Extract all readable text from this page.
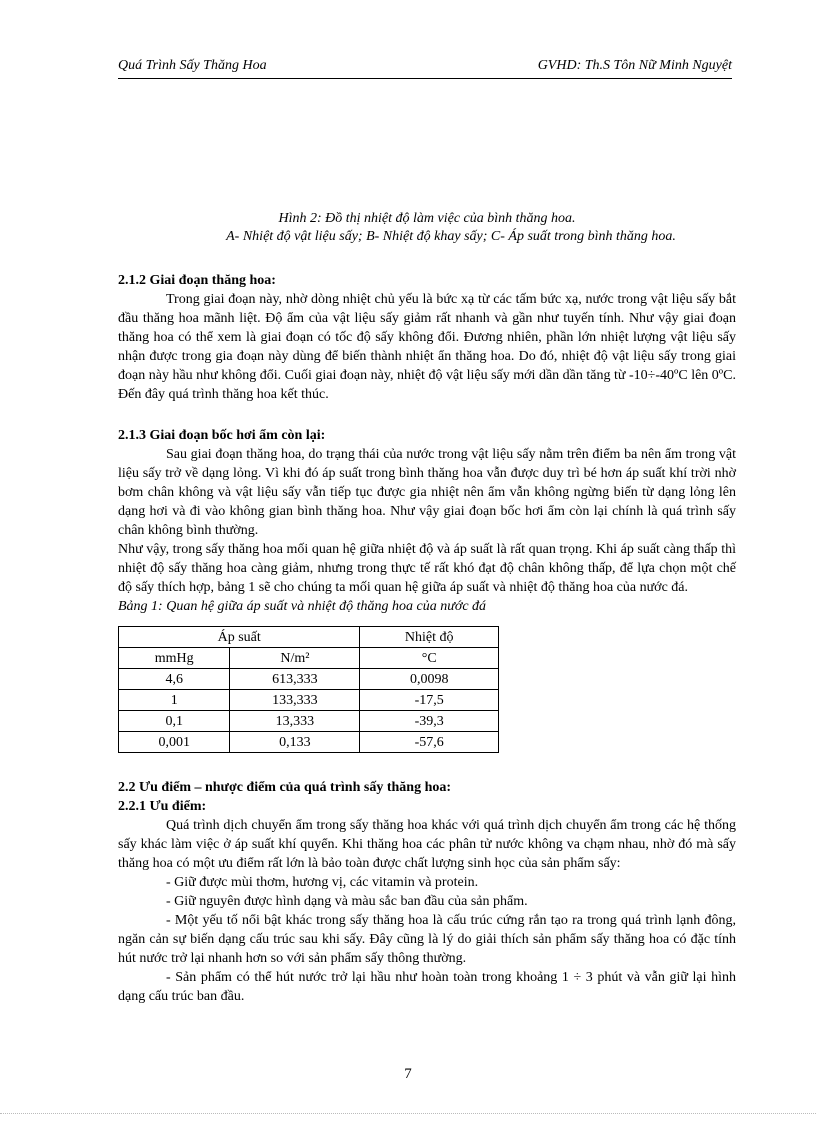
Quá Trình Sấy Thăng Hoa	GVHD: Th.S Tôn Nữ Minh Nguyệt
Hình 2: Đồ thị nhiệt độ làm việc của bình thăng hoa.
A- Nhiệt độ vật liệu sấy; B- Nhiệt độ khay sấy; C- Áp suất trong bình thăng hoa.
2.1.2 Giai đoạn thăng hoa:

Trong giai đoạn này, nhờ dòng nhiệt chủ yếu là bức xạ từ các tấm bức xạ, nước trong vật liệu sấy bắt đầu thăng hoa mãnh liệt. Độ ẩm của vật liệu sấy giảm rất nhanh và gần như tuyến tính. Như vậy giai đoạn thăng hoa có thể xem là giai đoạn có tốc độ sấy không đổi. Đương nhiên, phần lớn nhiệt lượng vật liệu sấy nhận được trong gia đoạn này dùng để biến thành nhiệt ẩn thăng hoa. Do đó, nhiệt độ vật liệu sấy trong giai đoạn này hầu như không đổi. Cuối giai đoạn này, nhiệt độ vật liệu sấy mới dần dần tăng từ -10÷-40ºC lên 0ºC. Đến đây quá trình thăng hoa kết thúc.

2.1.3 Giai đoạn bốc hơi ẩm còn lại:

Sau giai đoạn thăng hoa, do trạng thái của nước trong vật liệu sấy nằm trên điểm ba nên ẩm trong vật liệu sấy trở về dạng lỏng. Vì khi đó áp suất trong bình thăng hoa vẫn được duy trì bé hơn áp suất khí trời nhờ bơm chân không và vật liệu sấy vẫn tiếp tục được gia nhiệt nên ẩm vẫn không ngừng biến từ dạng lỏng lên dạng hơi và đi vào không gian bình thăng hoa. Như vậy giai đoạn bốc hơi ẩm còn lại chính là quá trình sấy chân không bình thường.

Như vậy, trong sấy thăng hoa mối quan hệ giữa nhiệt độ và áp suất là rất quan trọng. Khi áp suất càng thấp thì nhiệt độ sấy thăng hoa càng giảm, nhưng trong thực tế rất khó đạt độ chân không thấp, để lựa chọn một chế độ sấy thích hợp, bảng 1 sẽ cho chúng ta mối quan hệ giữa áp suất và nhiệt độ thăng hoa của nước đá.

Bảng 1: Quan hệ giữa áp suất và nhiệt độ thăng hoa của nước đá

Áp suất		Nhiệt độ
mmHg	N/m²	°C
4,6	613,333	0,0098
1	133,333	-17,5
0,1	13,333	-39,3
0,001	0,133	-57,6
2.2 Ưu điểm – nhược điểm của quá trình sấy thăng hoa:
2.2.1 Ưu điểm:

Quá trình dịch chuyển ẩm trong sấy thăng hoa khác với quá trình dịch chuyển ẩm trong các hệ thống sấy khác làm việc ở áp suất khí quyển. Khi thăng hoa các phân tử nước không va chạm nhau, nhờ đó mà sấy thăng hoa có một ưu điểm rất lớn là bảo toàn được chất lượng sinh học của sản phẩm sấy:

- Giữ được mùi thơm, hương vị, các vitamin và protein.

- Giữ nguyên được hình dạng và màu sắc ban đầu của sản phẩm.

- Một yếu tố nổi bật khác trong sấy thăng hoa là cấu trúc cứng rắn tạo ra trong quá trình lạnh đông, ngăn cản sự biến dạng cấu trúc sau khi sấy. Đây cũng là lý do giải thích sản phẩm sấy thăng hoa có đặc tính hút nước trở lại nhanh hơn so với sản phẩm sấy thông thường.

- Sản phẩm có thể hút nước trở lại hầu như hoàn toàn trong khoảng 1 ÷ 3 phút và vẫn giữ lại hình dạng cấu trúc ban đầu.

7
